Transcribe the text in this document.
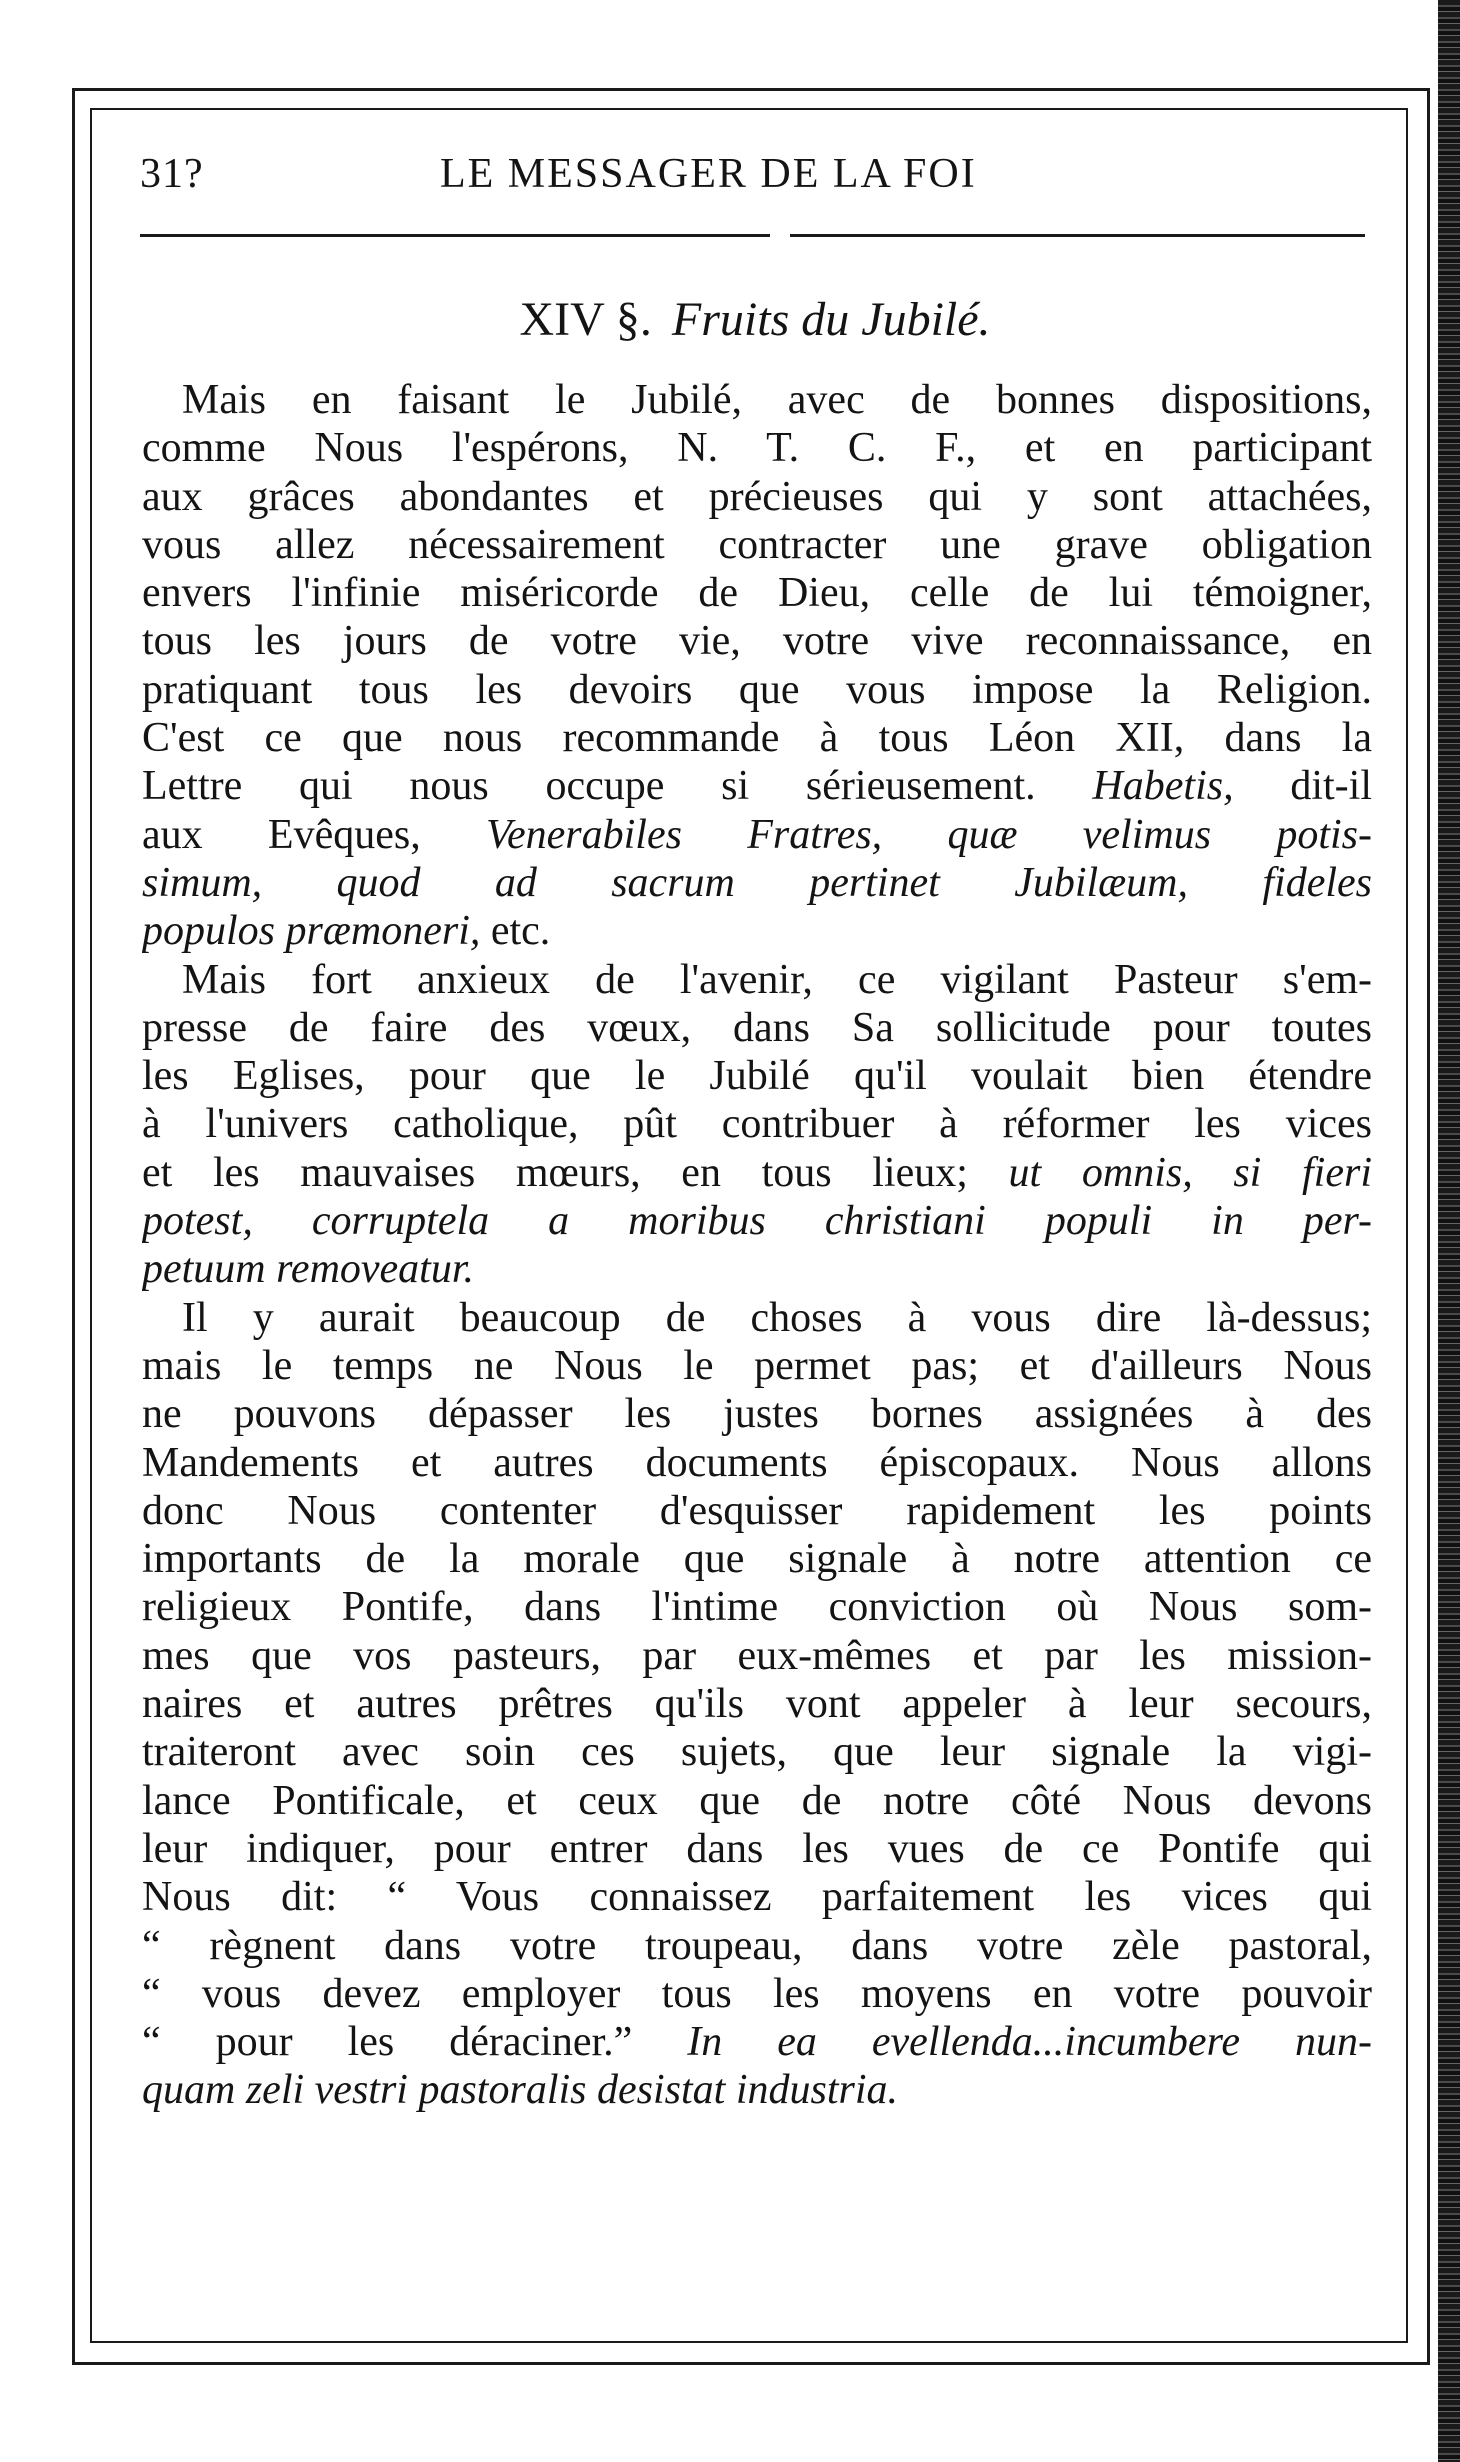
31?	LE MESSAGER DE LA FOI
XIV §. Fruits du Jubilé.
Mais en faisant le Jubilé, avec de bonnes dispositions,
comme Nous l'espérons, N. T. C. F., et en participant
aux grâces abondantes et précieuses qui y sont attachées,
vous allez nécessairement contracter une grave obligation
envers l'infinie miséricorde de Dieu, celle de lui témoigner,
tous les jours de votre vie, votre vive reconnaissance, en
pratiquant tous les devoirs que vous impose la Religion.
C'est ce que nous recommande à tous Léon XII, dans la
Lettre qui nous occupe si sérieusement. Habetis, dit-il
aux Evêques, Venerabiles Fratres, quæ velimus potis-
simum, quod ad sacrum pertinet Jubilæum, fideles
populos præmoneri, etc.
Mais fort anxieux de l'avenir, ce vigilant Pasteur s'em-
presse de faire des vœux, dans Sa sollicitude pour toutes
les Eglises, pour que le Jubilé qu'il voulait bien étendre
à l'univers catholique, pût contribuer à réformer les vices
et les mauvaises mœurs, en tous lieux; ut omnis, si fieri
potest, corruptela a moribus christiani populi in per-
petuum removeatur.
Il y aurait beaucoup de choses à vous dire là-dessus;
mais le temps ne Nous le permet pas; et d'ailleurs Nous
ne pouvons dépasser les justes bornes assignées à des
Mandements et autres documents épiscopaux. Nous allons
donc Nous contenter d'esquisser rapidement les points
importants de la morale que signale à notre attention ce
religieux Pontife, dans l'intime conviction où Nous som-
mes que vos pasteurs, par eux-mêmes et par les mission-
naires et autres prêtres qu'ils vont appeler à leur secours,
traiteront avec soin ces sujets, que leur signale la vigi-
lance Pontificale, et ceux que de notre côté Nous devons
leur indiquer, pour entrer dans les vues de ce Pontife qui
Nous dit: “ Vous connaissez parfaitement les vices qui
“ règnent dans votre troupeau, dans votre zèle pastoral,
“ vous devez employer tous les moyens en votre pouvoir
“ pour les déraciner.” In ea evellenda...incumbere nun-
quam zeli vestri pastoralis desistat industria.
